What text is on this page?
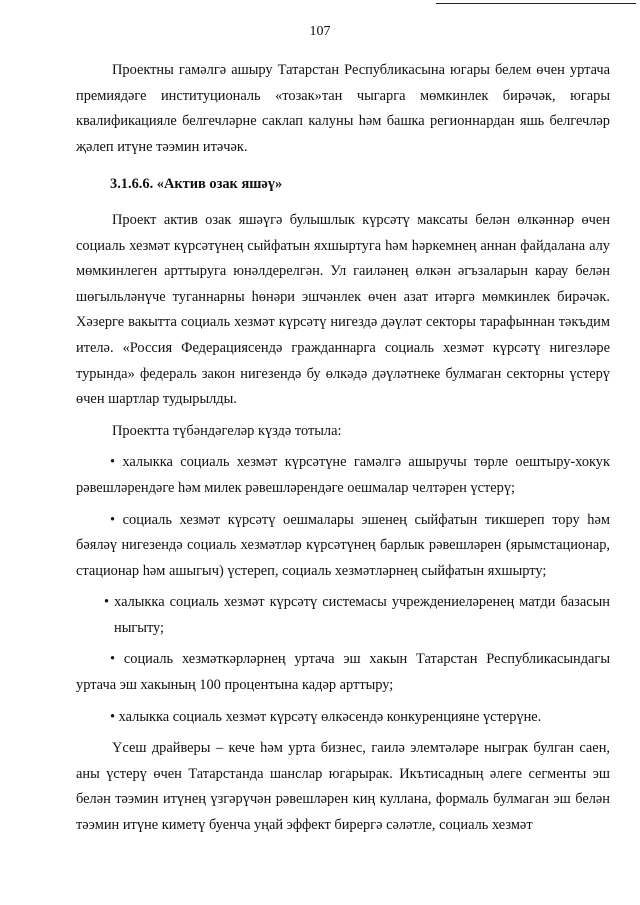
107

Проектны гамәлгә ашыру Татарстан Республикасына югары белем өчен уртача премиядәге институциональ «тозак»тан чыгарга мөмкинлек бирәчәк, югары квалификацияле белгечләрне саклап калуны һәм башка регионнардан яшь белгечләр җәлеп итүне тәэмин итәчәк.

3.1.6.6. «Актив озак яшәү»

Проект актив озак яшәүгә булышлык күрсәтү максаты белән өлкәннәр өчен социаль хезмәт күрсәтүнең сыйфатын яхшыртуга һәм һәркемнең аннан файдалана алу мөмкинлеген арттыруга юнәлдерелгән. Ул гаиләнең өлкән әгъзаларын карау белән шөгыльләнүче туганнарны һөнәри эшчәнлек өчен азат итәргә мөмкинлек бирәчәк. Хәзерге вакытта социаль хезмәт күрсәтү нигездә дәүләт секторы тарафыннан тәкъдим ителә. «Россия Федерациясендә гражданнарга социаль хезмәт күрсәтү нигезләре турында» федераль закон нигезендә бу өлкәдә дәүләтнеке булмаган секторны үстерү өчен шартлар тудырылды.

Проектта түбәндәгеләр күздә тотыла:

• халыкка социаль хезмәт күрсәтүне гамәлгә ашыручы төрле оештыру-хокук рәвешләрендәге һәм милек рәвешләрендәге оешмалар челтәрен үстерү;

• социаль хезмәт күрсәтү оешмалары эшенең сыйфатын тикшереп тору һәм бәяләү нигезендә социаль хезмәтләр күрсәтүнең барлык рәвешләрен (ярымстационар, стационар һәм ашыгыч) үстереп, социаль хезмәтләрнең сыйфатын яхшырту;

• халыкка социаль хезмәт күрсәтү системасы учреждениеләренең матди базасын ныгыту;

• социаль хезмәткәрләрнең уртача эш хакын Татарстан Республикасындагы уртача эш хакының 100 процентына кадәр арттыру;

• халыкка социаль хезмәт күрсәтү өлкәсендә конкуренцияне үстерүне.

Үсеш драйверы – кече һәм урта бизнес, гаилә элемтәләре ныграк булган саен, аны үстерү өчен Татарстанда шанслар югарырак. Икътисадның әлеге сегменты эш белән тәэмин итүнең үзгәрүчән рәвешләрен киң куллана, формаль булмаган эш белән тәэмин итүне киметү буенча уңай эффект бирергә сәләтле, социаль хезмәт
